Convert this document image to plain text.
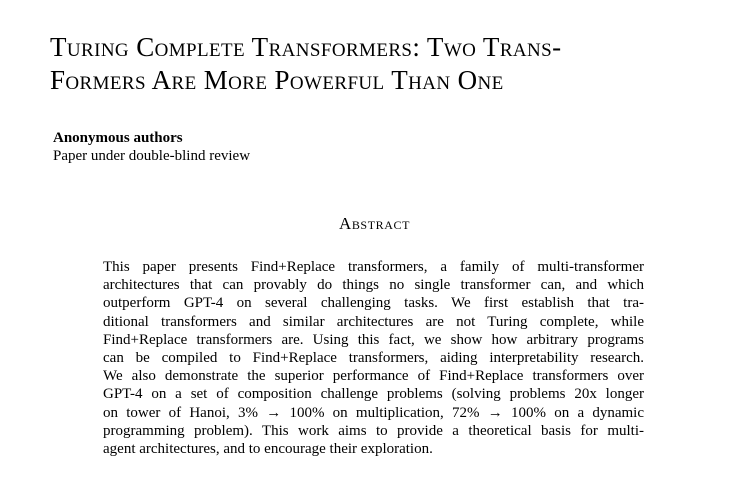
Turing Complete Transformers: Two Trans-
Formers Are More Powerful Than One
Anonymous authors
Paper under double-blind review
Abstract
This paper presents Find+Replace transformers, a family of multi-transformer
architectures that can provably do things no single transformer can, and which
outperform GPT-4 on several challenging tasks. We first establish that tra-
ditional transformers and similar architectures are not Turing complete, while
Find+Replace transformers are. Using this fact, we show how arbitrary programs
can be compiled to Find+Replace transformers, aiding interpretability research.
We also demonstrate the superior performance of Find+Replace transformers over
GPT-4 on a set of composition challenge problems (solving problems 20x longer
on tower of Hanoi, 3% → 100% on multiplication, 72% → 100% on a dynamic
programming problem). This work aims to provide a theoretical basis for multi-
agent architectures, and to encourage their exploration.
